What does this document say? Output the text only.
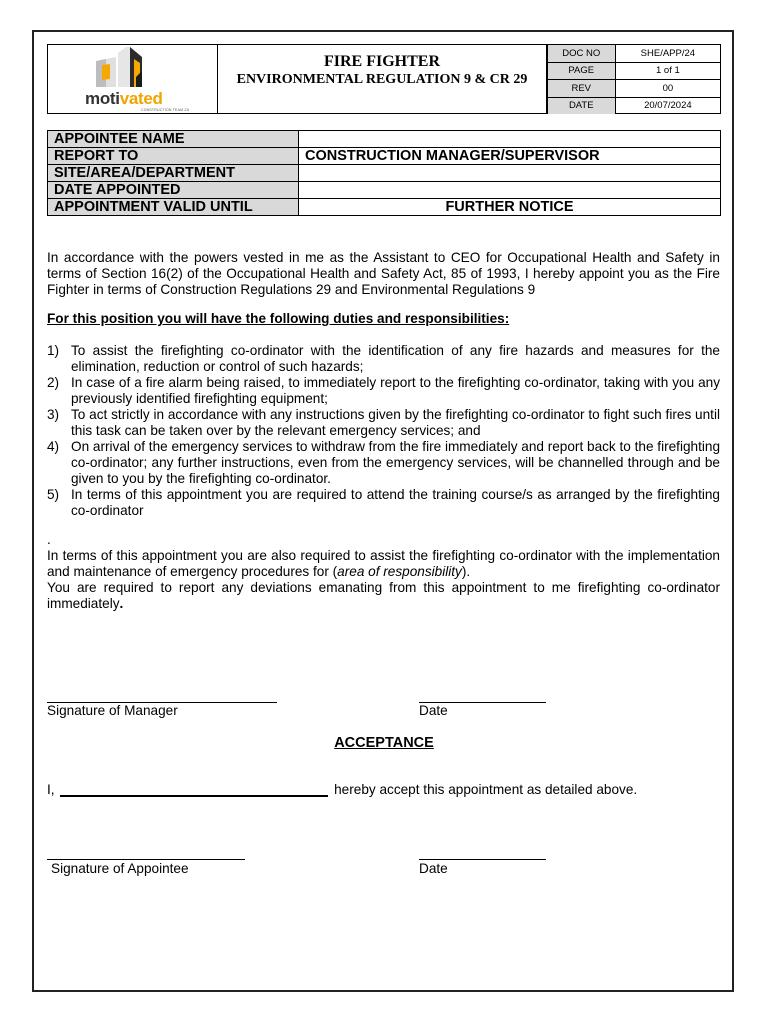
motivated
CONSTRUCTION TEAM ZA
FIRE FIGHTER
ENVIRONMENTAL REGULATION 9 & CR 29
DOC NO	SHE/APP/24
PAGE	1 of 1
REV	00
DATE	20/07/2024
APPOINTEE NAME	
REPORT TO	CONSTRUCTION MANAGER/SUPERVISOR
SITE/AREA/DEPARTMENT	
DATE APPOINTED	
APPOINTMENT VALID UNTIL	FURTHER NOTICE
In accordance with the powers vested in me as the Assistant to CEO for Occupational Health and Safety in terms of Section 16(2) of the Occupational Health and Safety Act, 85 of 1993, I hereby appoint you as the Fire Fighter in terms of Construction Regulations 29 and Environmental Regulations 9
For this position you will have the following duties and responsibilities:
1) To assist the firefighting co-ordinator with the identification of any fire hazards and measures for the elimination, reduction or control of such hazards;
2) In case of a fire alarm being raised, to immediately report to the firefighting co-ordinator, taking with you any previously identified firefighting equipment;
3) To act strictly in accordance with any instructions given by the firefighting co-ordinator to fight such fires until this task can be taken over by the relevant emergency services; and
4) On arrival of the emergency services to withdraw from the fire immediately and report back to the firefighting co-ordinator; any further instructions, even from the emergency services, will be channelled through and be given to you by the firefighting co-ordinator.
5) In terms of this appointment you are required to attend the training course/s as arranged by the firefighting co-ordinator
.
In terms of this appointment you are also required to assist the firefighting co-ordinator with the implementation and maintenance of emergency procedures for (area of responsibility).
You are required to report any deviations emanating from this appointment to me firefighting co-ordinator immediately.
Signature of Manager	Date
ACCEPTANCE
I,	hereby accept this appointment as detailed above.
Signature of Appointee	Date
